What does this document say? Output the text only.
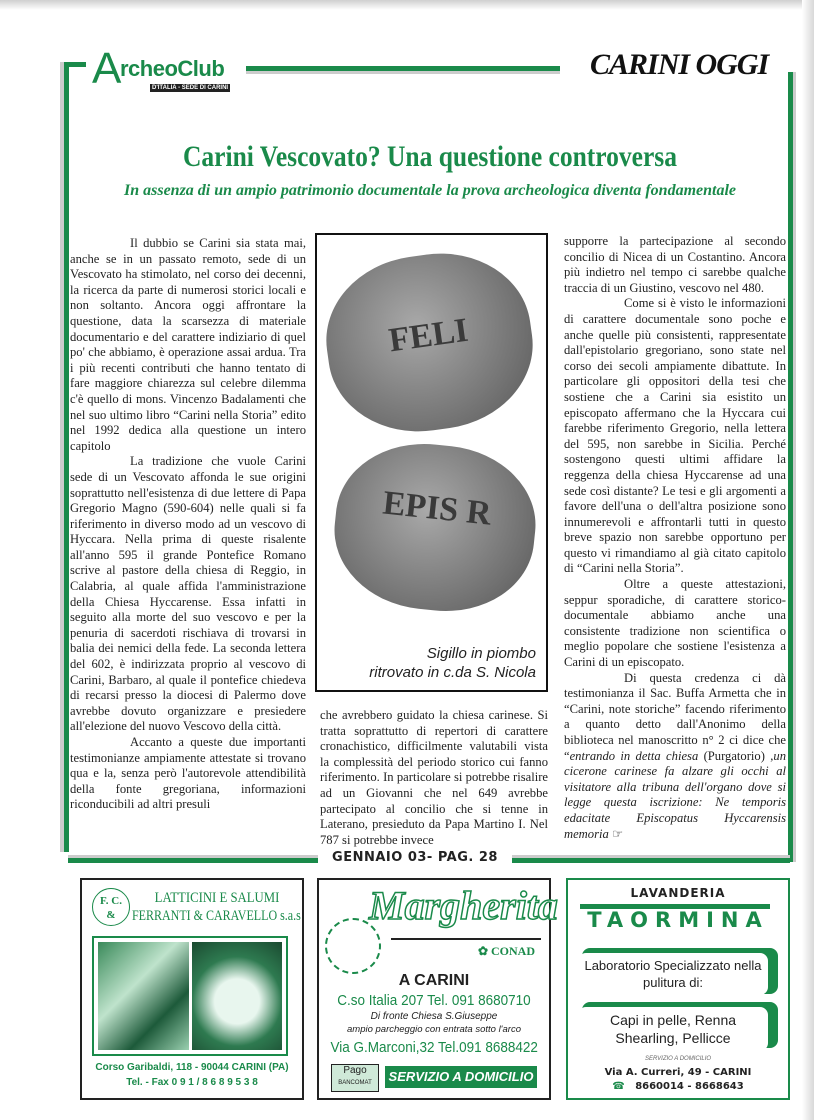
A
rcheoClub
D'ITALIA - SEDE DI CARINI
CARINI OGGI
Carini Vescovato? Una questione controversa
In assenza di un ampio patrimonio documentale la prova archeologica diventa fondamentale

Il dubbio se Carini sia stata mai, anche se in un passato remoto, sede di un Vescovato ha stimolato, nel corso dei decenni, la ricerca da parte di numerosi storici locali e non soltanto. Ancora oggi affrontare la questione, data la scarsezza di materiale documentario e del carattere indiziario di quel po' che abbiamo, è operazione assai ardua. Tra i più recenti contributi che hanno tentato di fare maggiore chiarezza sul celebre dilemma c'è quello di mons. Vincenzo Badalamenti che nel suo ultimo libro “Carini nella Storia” edito nel 1992 dedica alla questione un intero capitolo

La tradizione che vuole Carini sede di un Vescovato affonda le sue origini soprattutto nell'esistenza di due lettere di Papa Gregorio Magno (590-604) nelle quali si fa riferimento in diverso modo ad un vescovo di Hyccara. Nella prima di queste risalente all'anno 595 il grande Pontefice Romano scrive al pastore della chiesa di Reggio, in Calabria, al quale affida l'amministrazione della Chiesa Hyccarense. Essa infatti in seguito alla morte del suo vescovo e per la penuria di sacerdoti rischiava di trovarsi in balia dei nemici della fede. La seconda lettera del 602, è indirizzata proprio al vescovo di Carini, Barbaro, al quale il pontefice chiedeva di recarsi presso la diocesi di Palermo dove avrebbe dovuto organizzare e presiedere all'elezione del nuovo Vescovo della città.

Accanto a queste due importanti testimonianze ampiamente attestate si trovano qua e la, senza però l'autorevole attendibilità della fonte gregoriana, informazioni riconducibili ad altri presuli

FELI
EPIS R
Sigillo in piombo
ritrovato in c.da S. Nicola

che avrebbero guidato la chiesa carinese. Si tratta soprattutto di repertori di carattere cronachistico, difficilmente valutabili vista la complessità del periodo storico cui fanno riferimento. In particolare si potrebbe risalire ad un Giovanni che nel 649 avrebbe partecipato al concilio che si tenne in Laterano, presieduto da Papa Martino I. Nel 787 si potrebbe invece

supporre la partecipazione al secondo concilio di Nicea di un Costantino. Ancora più indietro nel tempo ci sarebbe qualche traccia di un Giustino, vescovo nel 480.

Come si è visto le informazioni di carattere documentale sono poche e anche quelle più consistenti, rappresentate dall'epistolario gregoriano, sono state nel corso dei secoli ampiamente dibattute. In particolare gli oppositori della tesi che sostiene che a Carini sia esistito un episcopato affermano che la Hyccara cui farebbe riferimento Gregorio, nella lettera del 595, non sarebbe in Sicilia. Perché sostengono questi ultimi affidare la reggenza della chiesa Hyccarense ad una sede così distante? Le tesi e gli argomenti a favore dell'una o dell'altra posizione sono innumerevoli e affrontarli tutti in questo breve spazio non sarebbe opportuno per questo vi rimandiamo al già citato capitolo di “Carini nella Storia”.

Oltre a queste attestazioni, seppur sporadiche, di carattere storico-documentale abbiamo anche una consistente tradizione non scientifica o meglio popolare che sostiene l'esistenza a Carini di un episcopato.

Di questa credenza ci dà testimonianza il Sac. Buffa Armetta che in “Carini, note storiche” facendo riferimento a quanto detto dall'Anonimo della biblioteca nel manoscritto n° 2 ci dice che “entrando in detta chiesa (Purgatorio) ,un cicerone carinese fa alzare gli occhi al visitatore alla tribuna dell'organo dove si legge questa iscrizione: Ne temporis edacitate Episcopatus Hyccarensis memoria ☞

GENNAIO 03- PAG. 28
F. C.
&
LATTICINI E SALUMI
FERRANTI & CARAVELLO s.a.s
Corso Garibaldi, 118 - 90044 CARINI (PA)
Tel. - Fax 0 9 1 / 8 6 8 9 5 3 8
Margherita
✿ CONAD
A CARINI
C.so Italia 207 Tel. 091 8680710
Di fronte Chiesa S.Giuseppe
ampio parcheggio con entrata sotto l'arco
Via G.Marconi,32 Tel.091 8688422
Pago
BANCOMAT	SERVIZIO A DOMICILIO
LAVANDERIA
TAORMINA
Laboratorio Specializzato nella pulitura di:
Capi in pelle, Renna
Shearling, Pellicce
SERVIZIO A DOMICILIO
Via A. Curreri, 49 - CARINI
☎ 8660014 - 8668643
